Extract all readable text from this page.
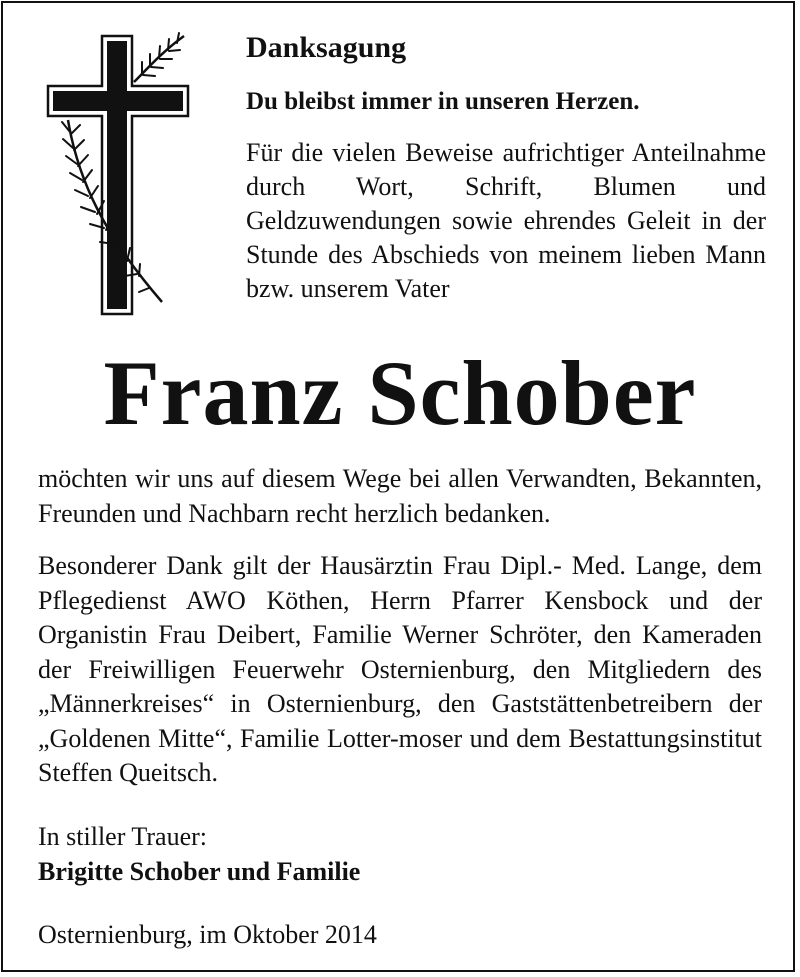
Danksagung

Du bleibst immer in unseren Herzen.

Für die vielen Beweise aufrichtiger Anteilnahme durch Wort, Schrift, Blumen und Geldzuwendungen sowie ehrendes Geleit in der Stunde des Abschieds von meinem lieben Mann bzw. unserem Vater

Franz Schober

möchten wir uns auf diesem Wege bei allen Verwandten, Bekannten, Freunden und Nachbarn recht herzlich bedanken.

Besonderer Dank gilt der Hausärztin Frau Dipl.- Med. Lange, dem Pflegedienst AWO Köthen, Herrn Pfarrer Kensbock und der Organistin Frau Deibert, Familie Werner Schröter, den Kameraden der Freiwilligen Feuerwehr Osternienburg, den Mitgliedern des „Männerkreises“ in Osternienburg, den Gaststättenbetreibern der „Goldenen Mitte“, Familie Lotter-moser und dem Bestattungsinstitut Steffen Queitsch.

In stiller Trauer:

Brigitte Schober und Familie

Osternienburg, im Oktober 2014
